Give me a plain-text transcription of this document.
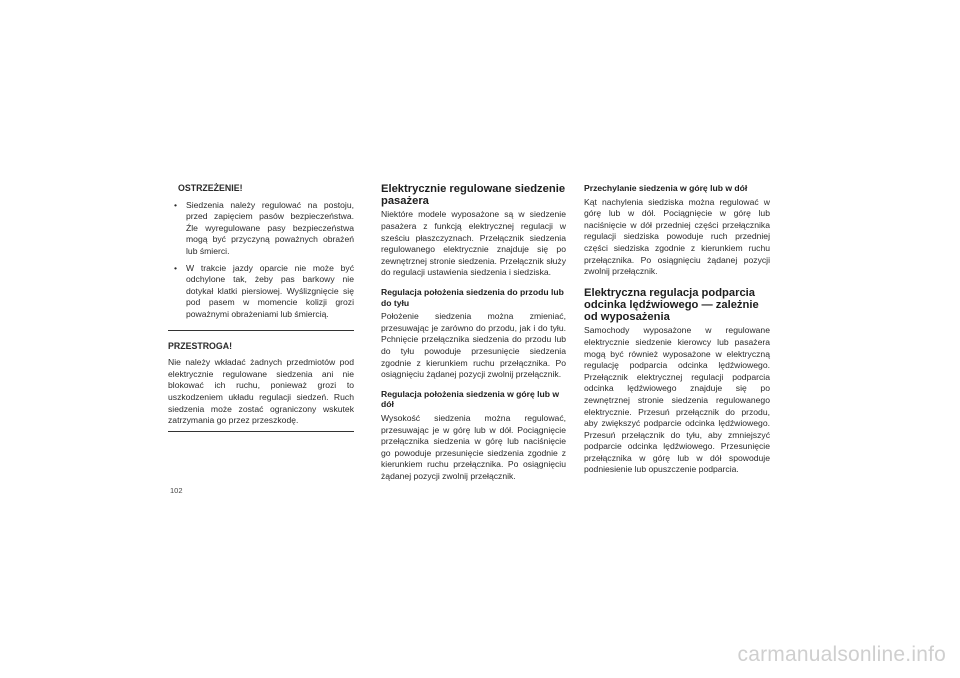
OSTRZEŻENIE!
• Siedzenia należy regulować na postoju, przed zapięciem pasów bezpieczeństwa. Źle wyregulowane pasy bezpieczeństwa mogą być przyczyną poważnych obrażeń lub śmierci.
• W trakcie jazdy oparcie nie może być odchylone tak, żeby pas barkowy nie dotykał klatki piersiowej. Wyślizgnięcie się pod pasem w momencie kolizji grozi poważnymi obrażeniami lub śmiercią.
PRZESTROGA!

Nie należy wkładać żadnych przedmiotów pod elektrycznie regulowane siedzenia ani nie blokować ich ruchu, ponieważ grozi to uszkodzeniem układu regulacji siedzeń. Ruch siedzenia może zostać ograniczony wskutek zatrzymania go przez przeszkodę.

Elektrycznie regulowane siedzenie pasażera

Niektóre modele wyposażone są w siedzenie pasażera z funkcją elektrycznej regulacji w sześciu płaszczyznach. Przełącznik siedzenia regulowanego elektrycznie znajduje się po zewnętrznej stronie siedzenia. Przełącznik służy do regulacji ustawienia siedzenia i siedziska.

Regulacja położenia siedzenia do przodu lub do tyłu

Położenie siedzenia można zmieniać, przesuwając je zarówno do przodu, jak i do tyłu. Pchnięcie przełącznika siedzenia do przodu lub do tyłu powoduje przesunięcie siedzenia zgodnie z kierunkiem ruchu przełącznika. Po osiągnięciu żądanej pozycji zwolnij przełącznik.

Regulacja położenia siedzenia w górę lub w dół

Wysokość siedzenia można regulować, przesuwając je w górę lub w dół. Pociągnięcie przełącznika siedzenia w górę lub naciśnięcie go powoduje przesunięcie siedzenia zgodnie z kierunkiem ruchu przełącznika. Po osiągnięciu żądanej pozycji zwolnij przełącznik.

Przechylanie siedzenia w górę lub w dół

Kąt nachylenia siedziska można regulować w górę lub w dół. Pociągnięcie w górę lub naciśnięcie w dół przedniej części przełącznika regulacji siedziska powoduje ruch przedniej części siedziska zgodnie z kierunkiem ruchu przełącznika. Po osiągnięciu żądanej pozycji zwolnij przełącznik.

Elektryczna regulacja podparcia odcinka lędźwiowego — zależnie od wyposażenia

Samochody wyposażone w regulowane elektrycznie siedzenie kierowcy lub pasażera mogą być również wyposażone w elektryczną regulację podparcia odcinka lędźwiowego. Przełącznik elektrycznej regulacji podparcia odcinka lędźwiowego znajduje się po zewnętrznej stronie siedzenia regulowanego elektrycznie. Przesuń przełącznik do przodu, aby zwiększyć podparcie odcinka lędźwiowego. Przesuń przełącznik do tyłu, aby zmniejszyć podparcie odcinka lędźwiowego. Przesunięcie przełącznika w górę lub w dół spowoduje podniesienie lub opuszczenie podparcia.

102
carmanualsonline.info
